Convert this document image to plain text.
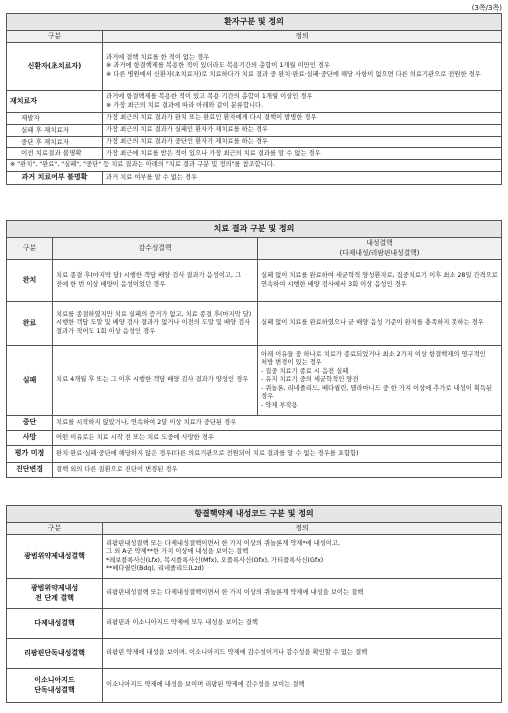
(3쪽/3쪽)
환자구분 및 정의	
구분	정의
신환자(초치료자)	과거에 결핵 치료를 한 적이 없는 경우
※ 과거에 항결핵제를 복용한 적이 있더라도 복용기간의 총합이 1개월 미만인 경우
※ 다른 병원에서 신환자(초치료자)로 치료하다가 치료 결과 중 완치·완료·실패·중단에 해당 사항이 없으면 다른 의료기관으로 전원한 경우

재치료자	과거에 항결핵제를 복용한 적이 있고 복용 기간의 총합이 1개월 이상인 경우
※ 가장 최근의 치료 결과에 따라 아래와 같이 분류합니다.

재발자	가장 최근의 치료 결과가 완치 또는 완료인 환자에게 다시 결핵이 발병한 경우
실패 후 재치료자	가장 최근의 치료 결과가 실패인 환자가 재치료를 하는 경우
중단 후 재치료자	가장 최근의 치료 결과가 중단인 환자가 재치료를 하는 경우
이전 치료결과 불명확	가장 최근에 치료를 받은 적이 있으나 가장 최근의 치료 결과를 알 수 없는 경우
※ "완치", "완료", "실패", "중단" 등 치료 결과는 아래의 "치료 결과 구분 및 정의"를 참조합니다.	
과거 치료여부 불명확	과거 치료 여부를 알 수 없는 경우
치료 결과 구분 및 정의		
구분	감수성결핵	내성결핵
(다제내성/리팜핀내성결핵)

완치	치료 종결 후(마지막 달) 시행한 객담 배양 검사 결과가 음성이고, 그 전에 한 번 이상 배양이 음성이었던 경우	실패 없이 치료를 완료하여 세균학적 양성환자로, 집중치료기 이후 최소 28일 간격으로 연속하여 시행한 배양 검사에서 3회 이상 음성인 경우
완료	치료를 종결하였지만 치료 실패의 증거가 없고, 치료 종결 후(마지막 달) 시행한 객담 도말 및 배양 검사 결과가 없거나 이전의 도말 및 배양 검사 결과가 적어도 1회 이상 음성인 경우	실패 없이 치료를 완료하였으나 균 배양 음성 기준이 완치를 충족하지 못하는 경우
실패	치료 4개월 후 또는 그 이후 시행한 객담 배양 검사 결과가 양성인 경우	아래 이유들 중 하나로 치료가 종료되었거나 최소 2가지 이상 항결핵제의 영구적인 처방 변경이 있는 경우
- 집중 치료기 종료 시 음전 실패
- 유지 치료기 중의 세균학적인 양전
- 퀴놀론, 리네졸리드, 베다퀼린, 델라마니드 중 한 가지 이상에 추가로 내성이 획득된 경우
- 약제 부작용

중단	치료를 시작하지 않았거나, 연속하여 2달 이상 치료가 중단된 경우	
사망	어떤 이유로든 치료 시작 전 또는 치료 도중에 사망한 경우	
평가 미정	완치·완료·실패·중단에 해당하지 않은 경우(다른 의료기관으로 전원되어 치료 결과를 알 수 없는 경우를 포함함)	
진단변경	결핵 외의 다른 질환으로 진단이 변경된 경우	
항결핵약제 내성코드 구분 및 정의	
구분	정의
광범위약제내성결핵	리팜핀내성결핵 또는 다제내성결핵이면서 한 가지 이상의 퀴놀론계 약제*에 내성이고,
그 외 A군 약제**한 가지 이상에 내성을 보이는 결핵
*레보플록사신(Lfx), 목시플록사신(Mfx), 오플록사신(Ofx), 가티플록사신(Gfx)
**베다퀼린(Bdq), 리네졸리드(Lzd)

광범위약제내성
전 단계 결핵	리팜핀내성결핵 또는 다제내성결핵이면서 한 가지 이상의 퀴놀론계 약제에 내성을 보이는 결핵
다제내성결핵	리팜핀과 이소니아지드 약제에 모두 내성을 보이는 결핵
리팜핀단독내성결핵	리팜핀 약제에 내성을 보이며, 이소니아지드 약제에 감수성이거나 감수성을 확인할 수 없는 결핵

이소니아지드
단독내성결핵	이소니아지드 약제에 내성을 보이며 리팜핀 약제에 감수성을 보이는 결핵
